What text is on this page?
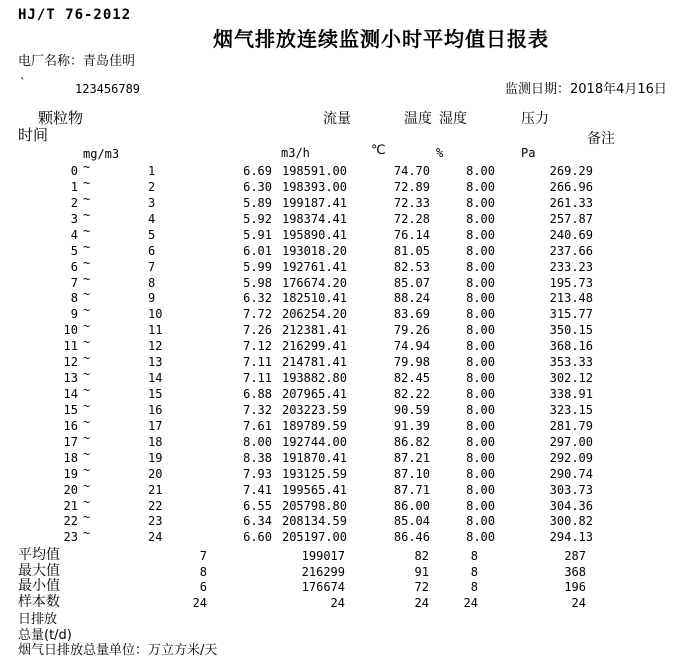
HJ/T 76-2012
烟气排放连续监测小时平均值日报表
电厂名称：青岛佳明
`	123456789	监测日期：2018年4月16日
颗粒物
时间
流量	温度 湿度	压力
备注
mg/m3	m3/h	℃	%	Pa
0 ~	1	6.69 198591.00	74.70	8.00	269.29
1 ~	2	6.30 198393.00	72.89	8.00	266.96
2 ~	3	5.89 199187.41	72.33	8.00	261.33
3 ~	4	5.92 198374.41	72.28	8.00	257.87
4 ~	5	5.91 195890.41	76.14	8.00	240.69
5 ~	6	6.01 193018.20	81.05	8.00	237.66
6 ~	7	5.99 192761.41	82.53	8.00	233.23
7 ~	8	5.98 176674.20	85.07	8.00	195.73
8 ~	9	6.32 182510.41	88.24	8.00	213.48
9 ~	10	7.72 206254.20	83.69	8.00	315.77
10 ~	11	7.26 212381.41	79.26	8.00	350.15
11 ~	12	7.12 216299.41	74.94	8.00	368.16
12 ~	13	7.11 214781.41	79.98	8.00	353.33
13 ~	14	7.11 193882.80	82.45	8.00	302.12
14 ~	15	6.88 207965.41	82.22	8.00	338.91
15 ~	16	7.32 203223.59	90.59	8.00	323.15
16 ~	17	7.61 189789.59	91.39	8.00	281.79
17 ~	18	8.00 192744.00	86.82	8.00	297.00
18 ~	19	8.38 191870.41	87.21	8.00	292.09
19 ~	20	7.93 193125.59	87.10	8.00	290.74
20 ~	21	7.41 199565.41	87.71	8.00	303.73
21 ~	22	6.55 205798.80	86.00	8.00	304.36
22 ~	23	6.34 208134.59	85.04	8.00	300.82
23 ~	24	6.60 205197.00	86.46	8.00	294.13
平均值	7	199017	82	8	287
最大值	8	216299	91	8	368
最小值	6	176674	72	8	196
样本数	24	24	24	24	24
日排放
总量(t/d)
烟气日排放总量单位：万立方米/天
